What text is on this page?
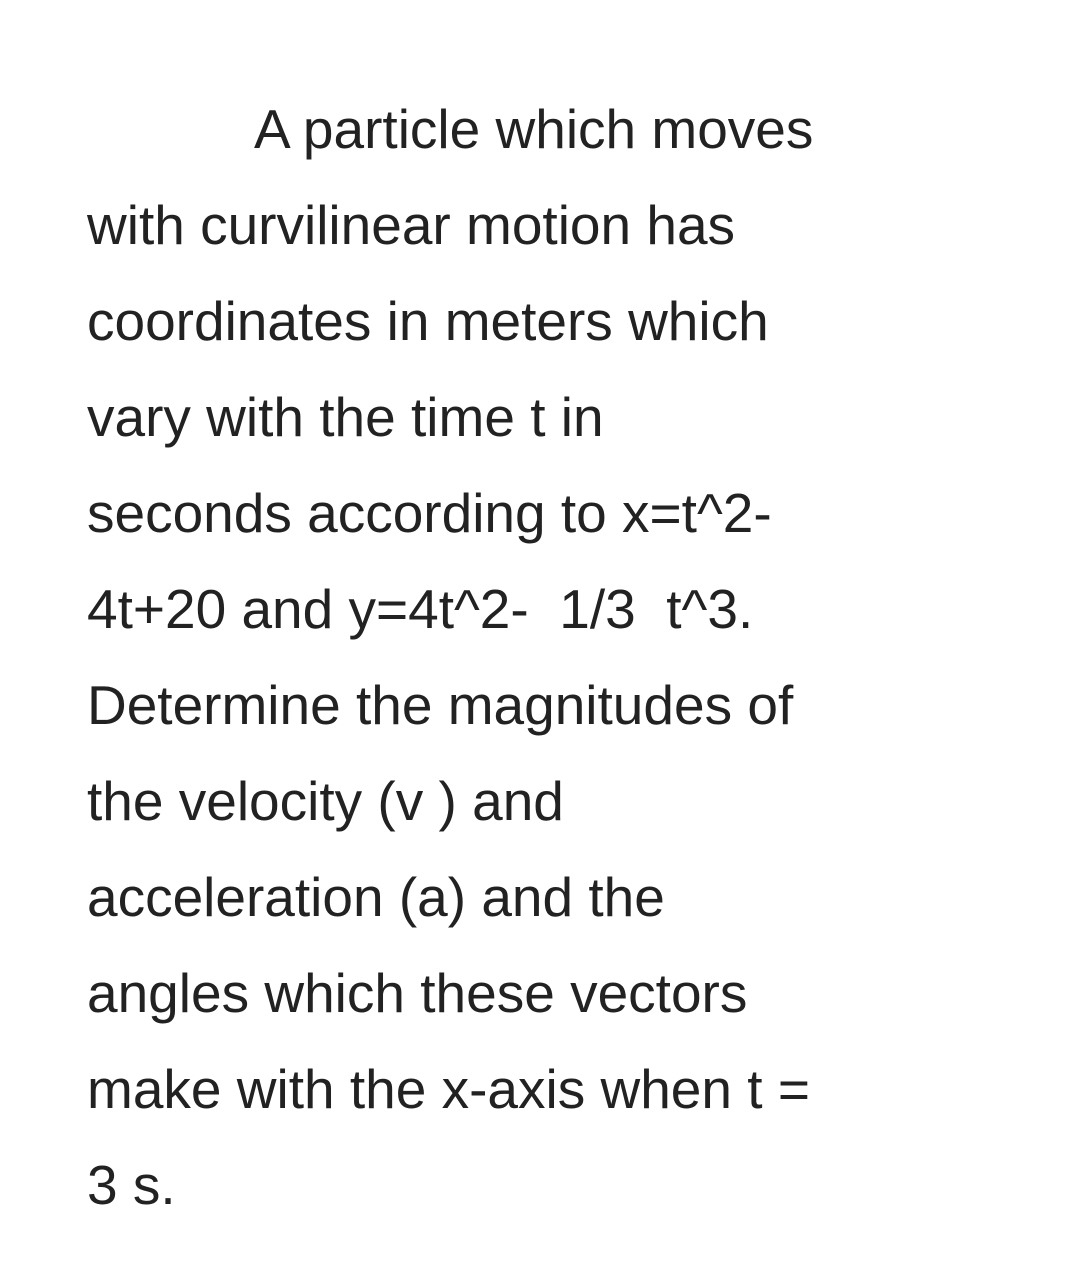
A particle which moves
with curvilinear motion has
coordinates in meters which
vary with the time t in
seconds according to x=t^2-
4t+20 and y=4t^2-  1/3  t^3.
Determine the magnitudes of
the velocity (v ) and
acceleration (a) and the
angles which these vectors
make with the x-axis when t =
3 s.
